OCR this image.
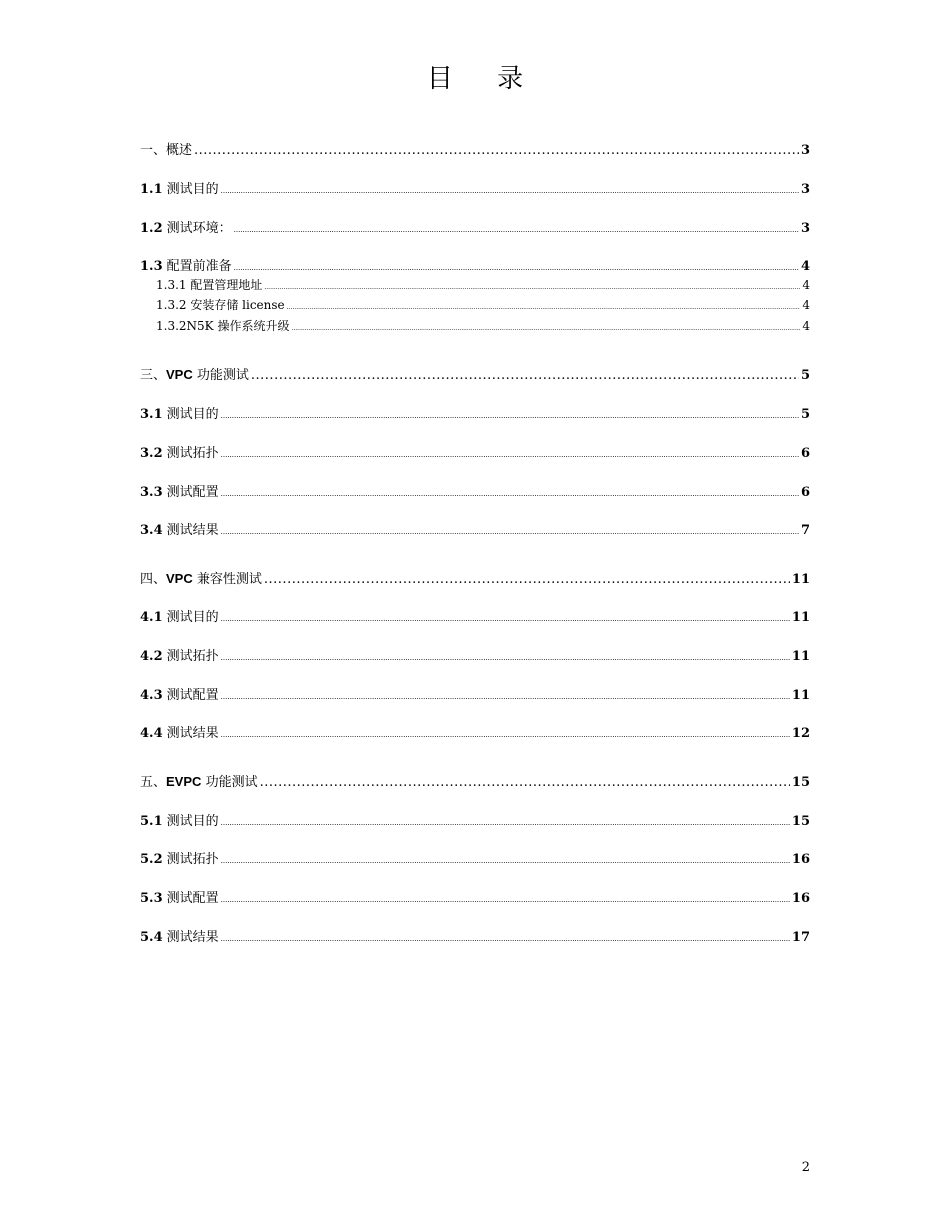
目 录
一、概述 .....	3
1.1 测试目的 .....	3
1.2 测试环境： .....	3
1.3 配置前准备 .....	4
1.3.1 配置管理地址 .....	4
1.3.2 安装存储 license .....	4
1.3.2N5K 操作系统升级 .....	4
三、VPC 功能测试 .....	5
3.1 测试目的 .....	5
3.2 测试拓扑 .....	6
3.3 测试配置 .....	6
3.4 测试结果 .....	7
四、VPC 兼容性测试 .....	11
4.1 测试目的 .....	11
4.2 测试拓扑 .....	11
4.3 测试配置 .....	11
4.4 测试结果 .....	12
五、EVPC 功能测试 .....	15
5.1 测试目的 .....	15
5.2 测试拓扑 .....	16
5.3 测试配置 .....	16
5.4 测试结果 .....	17
2
